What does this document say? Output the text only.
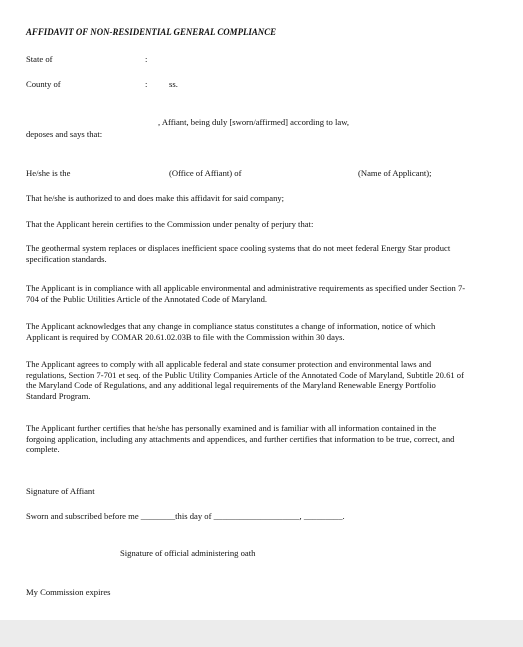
AFFIDAVIT OF NON-RESIDENTIAL GENERAL COMPLIANCE
State of	:
County of	:	ss.
, Affiant, being duly [sworn/affirmed] according to law,
deposes and says that:
He/she is the	(Office of Affiant) of	(Name of Applicant);
That he/she is authorized to and does make this affidavit for said company;
That the Applicant herein certifies to the Commission under penalty of perjury that:
The geothermal system replaces or displaces inefficient space cooling systems that do not meet federal Energy Star product specification standards.
The Applicant is in compliance with all applicable environmental and administrative requirements as specified under Section 7-704 of the Public Utilities Article of the Annotated Code of Maryland.
The Applicant acknowledges that any change in compliance status constitutes a change of information, notice of which Applicant is required by COMAR 20.61.02.03B to file with the Commission within 30 days.
The Applicant agrees to comply with all applicable federal and state consumer protection and environmental laws and regulations, Section 7-701 et seq. of the Public Utility Companies Article of the Annotated Code of Maryland, Subtitle 20.61 of the Maryland Code of Regulations, and any additional legal requirements of the Maryland Renewable Energy Portfolio Standard Program.
The Applicant further certifies that he/she has personally examined and is familiar with all information contained in the forgoing application, including any attachments and appendices, and further certifies that information to be true, correct, and complete.
Signature of Affiant
Sworn and subscribed before me ________this day of ____________________, _________.
Signature of official administering oath
My Commission expires
